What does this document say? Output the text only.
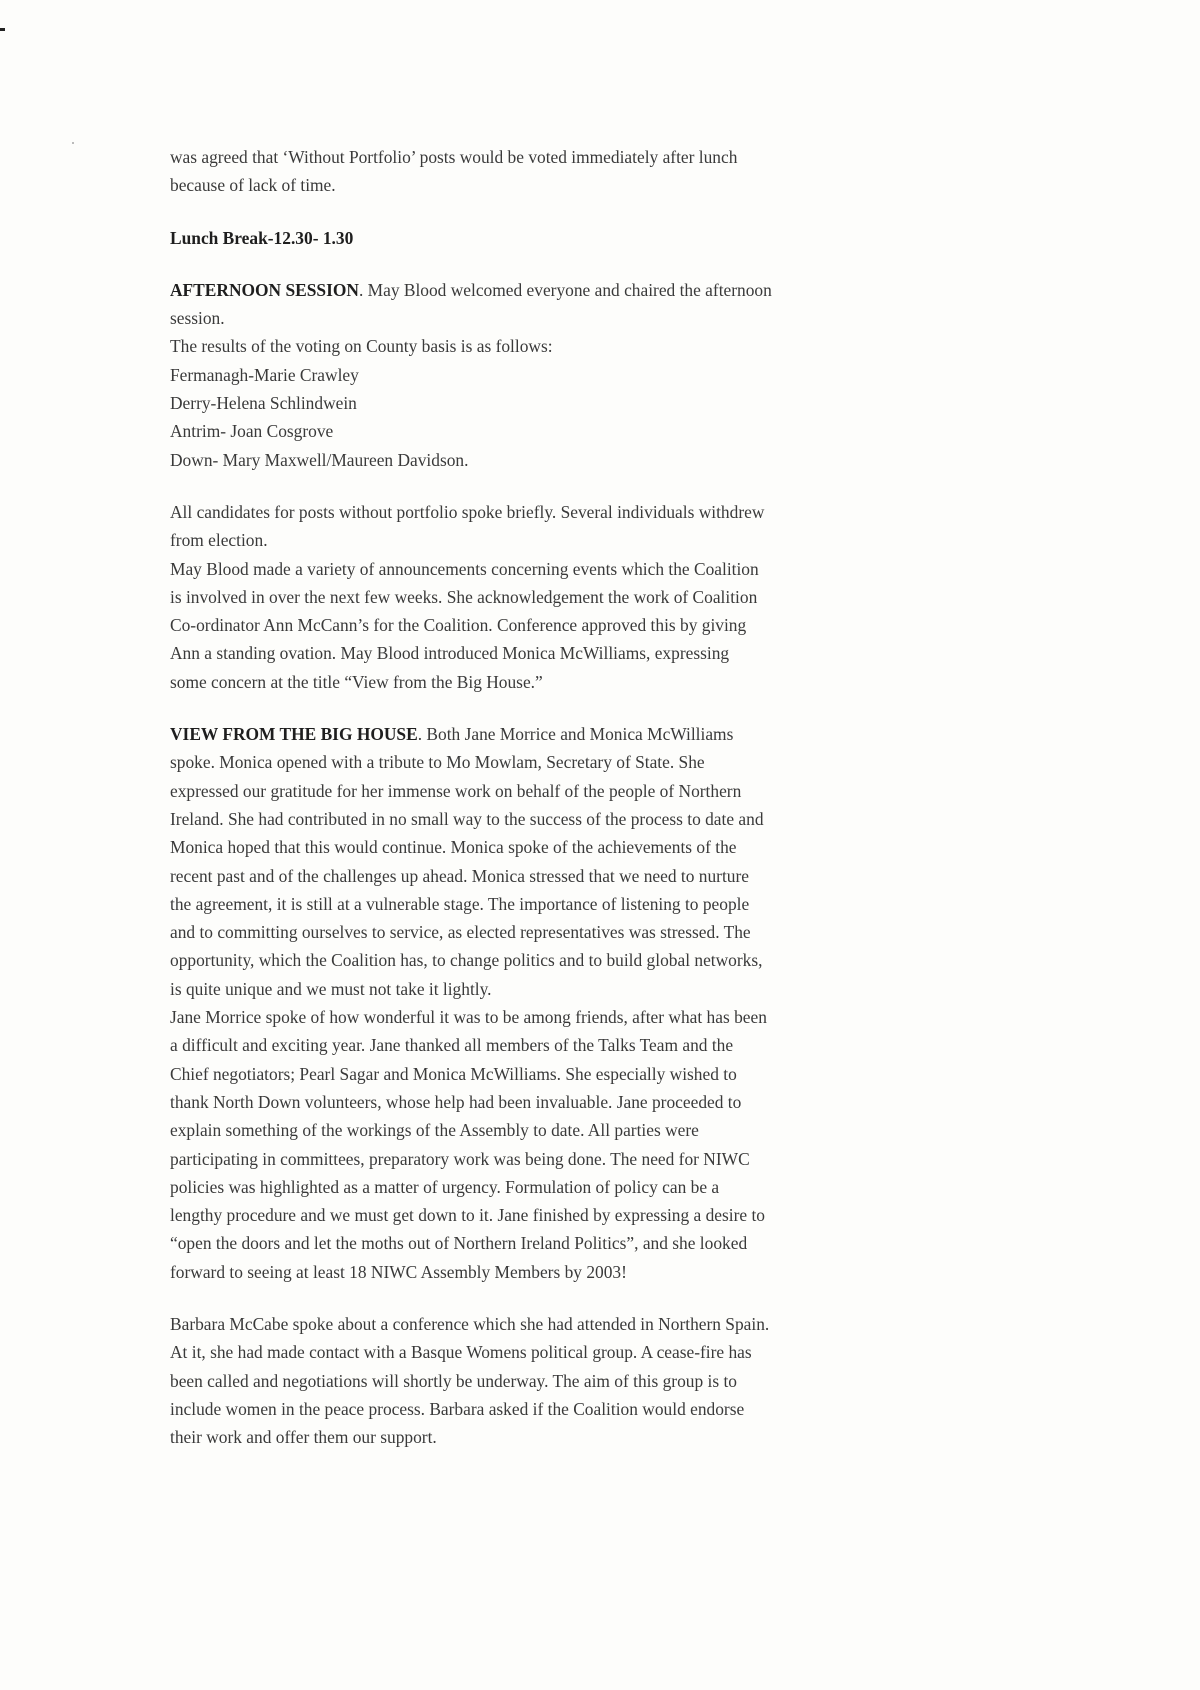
was agreed that ‘Without Portfolio’ posts would be voted immediately after lunch

because of lack of time.

Lunch Break-12.30- 1.30

AFTERNOON SESSION. May Blood welcomed everyone and chaired the afternoon

session.

The results of the voting on County basis is as follows:

Fermanagh-Marie Crawley

Derry-Helena Schlindwein

Antrim- Joan Cosgrove

Down- Mary Maxwell/Maureen Davidson.

All candidates for posts without portfolio spoke briefly. Several individuals withdrew

from election.

May Blood made a variety of announcements concerning events which the Coalition

is involved in over the next few weeks. She acknowledgement the work of Coalition

Co-ordinator Ann McCann’s for the Coalition. Conference approved this by giving

Ann a standing ovation. May Blood introduced Monica McWilliams, expressing

some concern at the title “View from the Big House.”

VIEW FROM THE BIG HOUSE. Both Jane Morrice and Monica McWilliams

spoke. Monica opened with a tribute to Mo Mowlam, Secretary of State. She

expressed our gratitude for her immense work on behalf of the people of Northern

Ireland. She had contributed in no small way to the success of the process to date and

Monica hoped that this would continue. Monica spoke of the achievements of the

recent past and of the challenges up ahead. Monica stressed that we need to nurture

the agreement, it is still at a vulnerable stage. The importance of listening to people

and to committing ourselves to service, as elected representatives was stressed. The

opportunity, which the Coalition has, to change politics and to build global networks,

is quite unique and we must not take it lightly.

Jane Morrice spoke of how wonderful it was to be among friends, after what has been

a difficult and exciting year. Jane thanked all members of the Talks Team and the

Chief negotiators; Pearl Sagar and Monica McWilliams. She especially wished to

thank North Down volunteers, whose help had been invaluable. Jane proceeded to

explain something of the workings of the Assembly to date. All parties were

participating in committees, preparatory work was being done. The need for NIWC

policies was highlighted as a matter of urgency. Formulation of policy can be a

lengthy procedure and we must get down to it. Jane finished by expressing a desire to

“open the doors and let the moths out of Northern Ireland Politics”, and she looked

forward to seeing at least 18 NIWC Assembly Members by 2003!

Barbara McCabe spoke about a conference which she had attended in Northern Spain.

At it, she had made contact with a Basque Womens political group. A cease-fire has

been called and negotiations will shortly be underway. The aim of this group is to

include women in the peace process. Barbara asked if the Coalition would endorse

their work and offer them our support.
